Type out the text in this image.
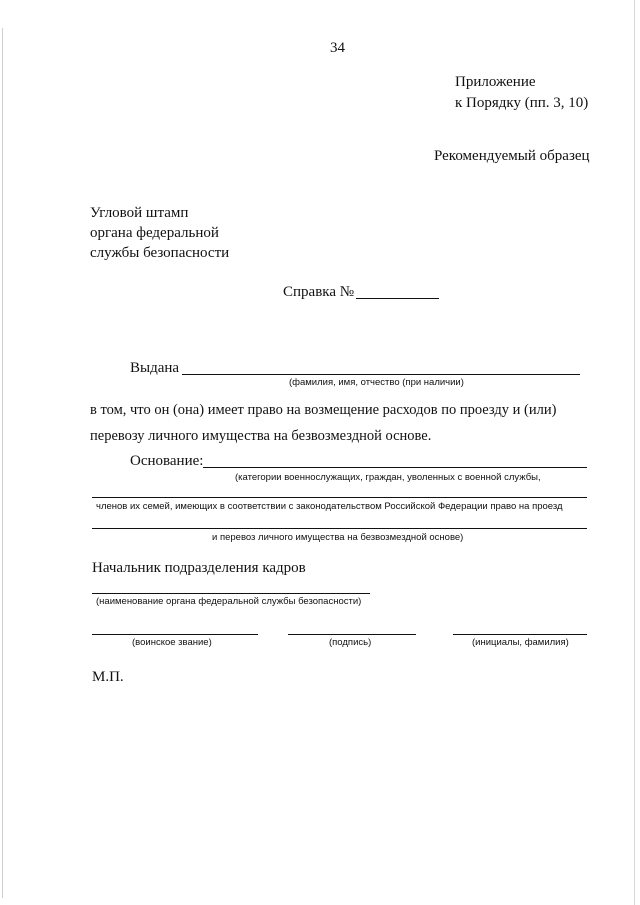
34
Приложение
к Порядку (пп. 3, 10)
Рекомендуемый образец
Угловой штамп
органа федеральной
службы безопасности
Справка №
Выдана
(фамилия, имя, отчество (при наличии)
в том, что он (она) имеет право на возмещение расходов по проезду и (или)
перевозу личного имущества на безвозмездной основе.
Основание:
(категории военнослужащих, граждан, уволенных с военной службы,
членов их семей, имеющих в соответствии с законодательством Российской Федерации право на проезд
и перевоз личного имущества на безвозмездной основе)
Начальник подразделения кадров
(наименование органа федеральной службы безопасности)
(воинское звание)	(подпись)	(инициалы, фамилия)
М.П.
